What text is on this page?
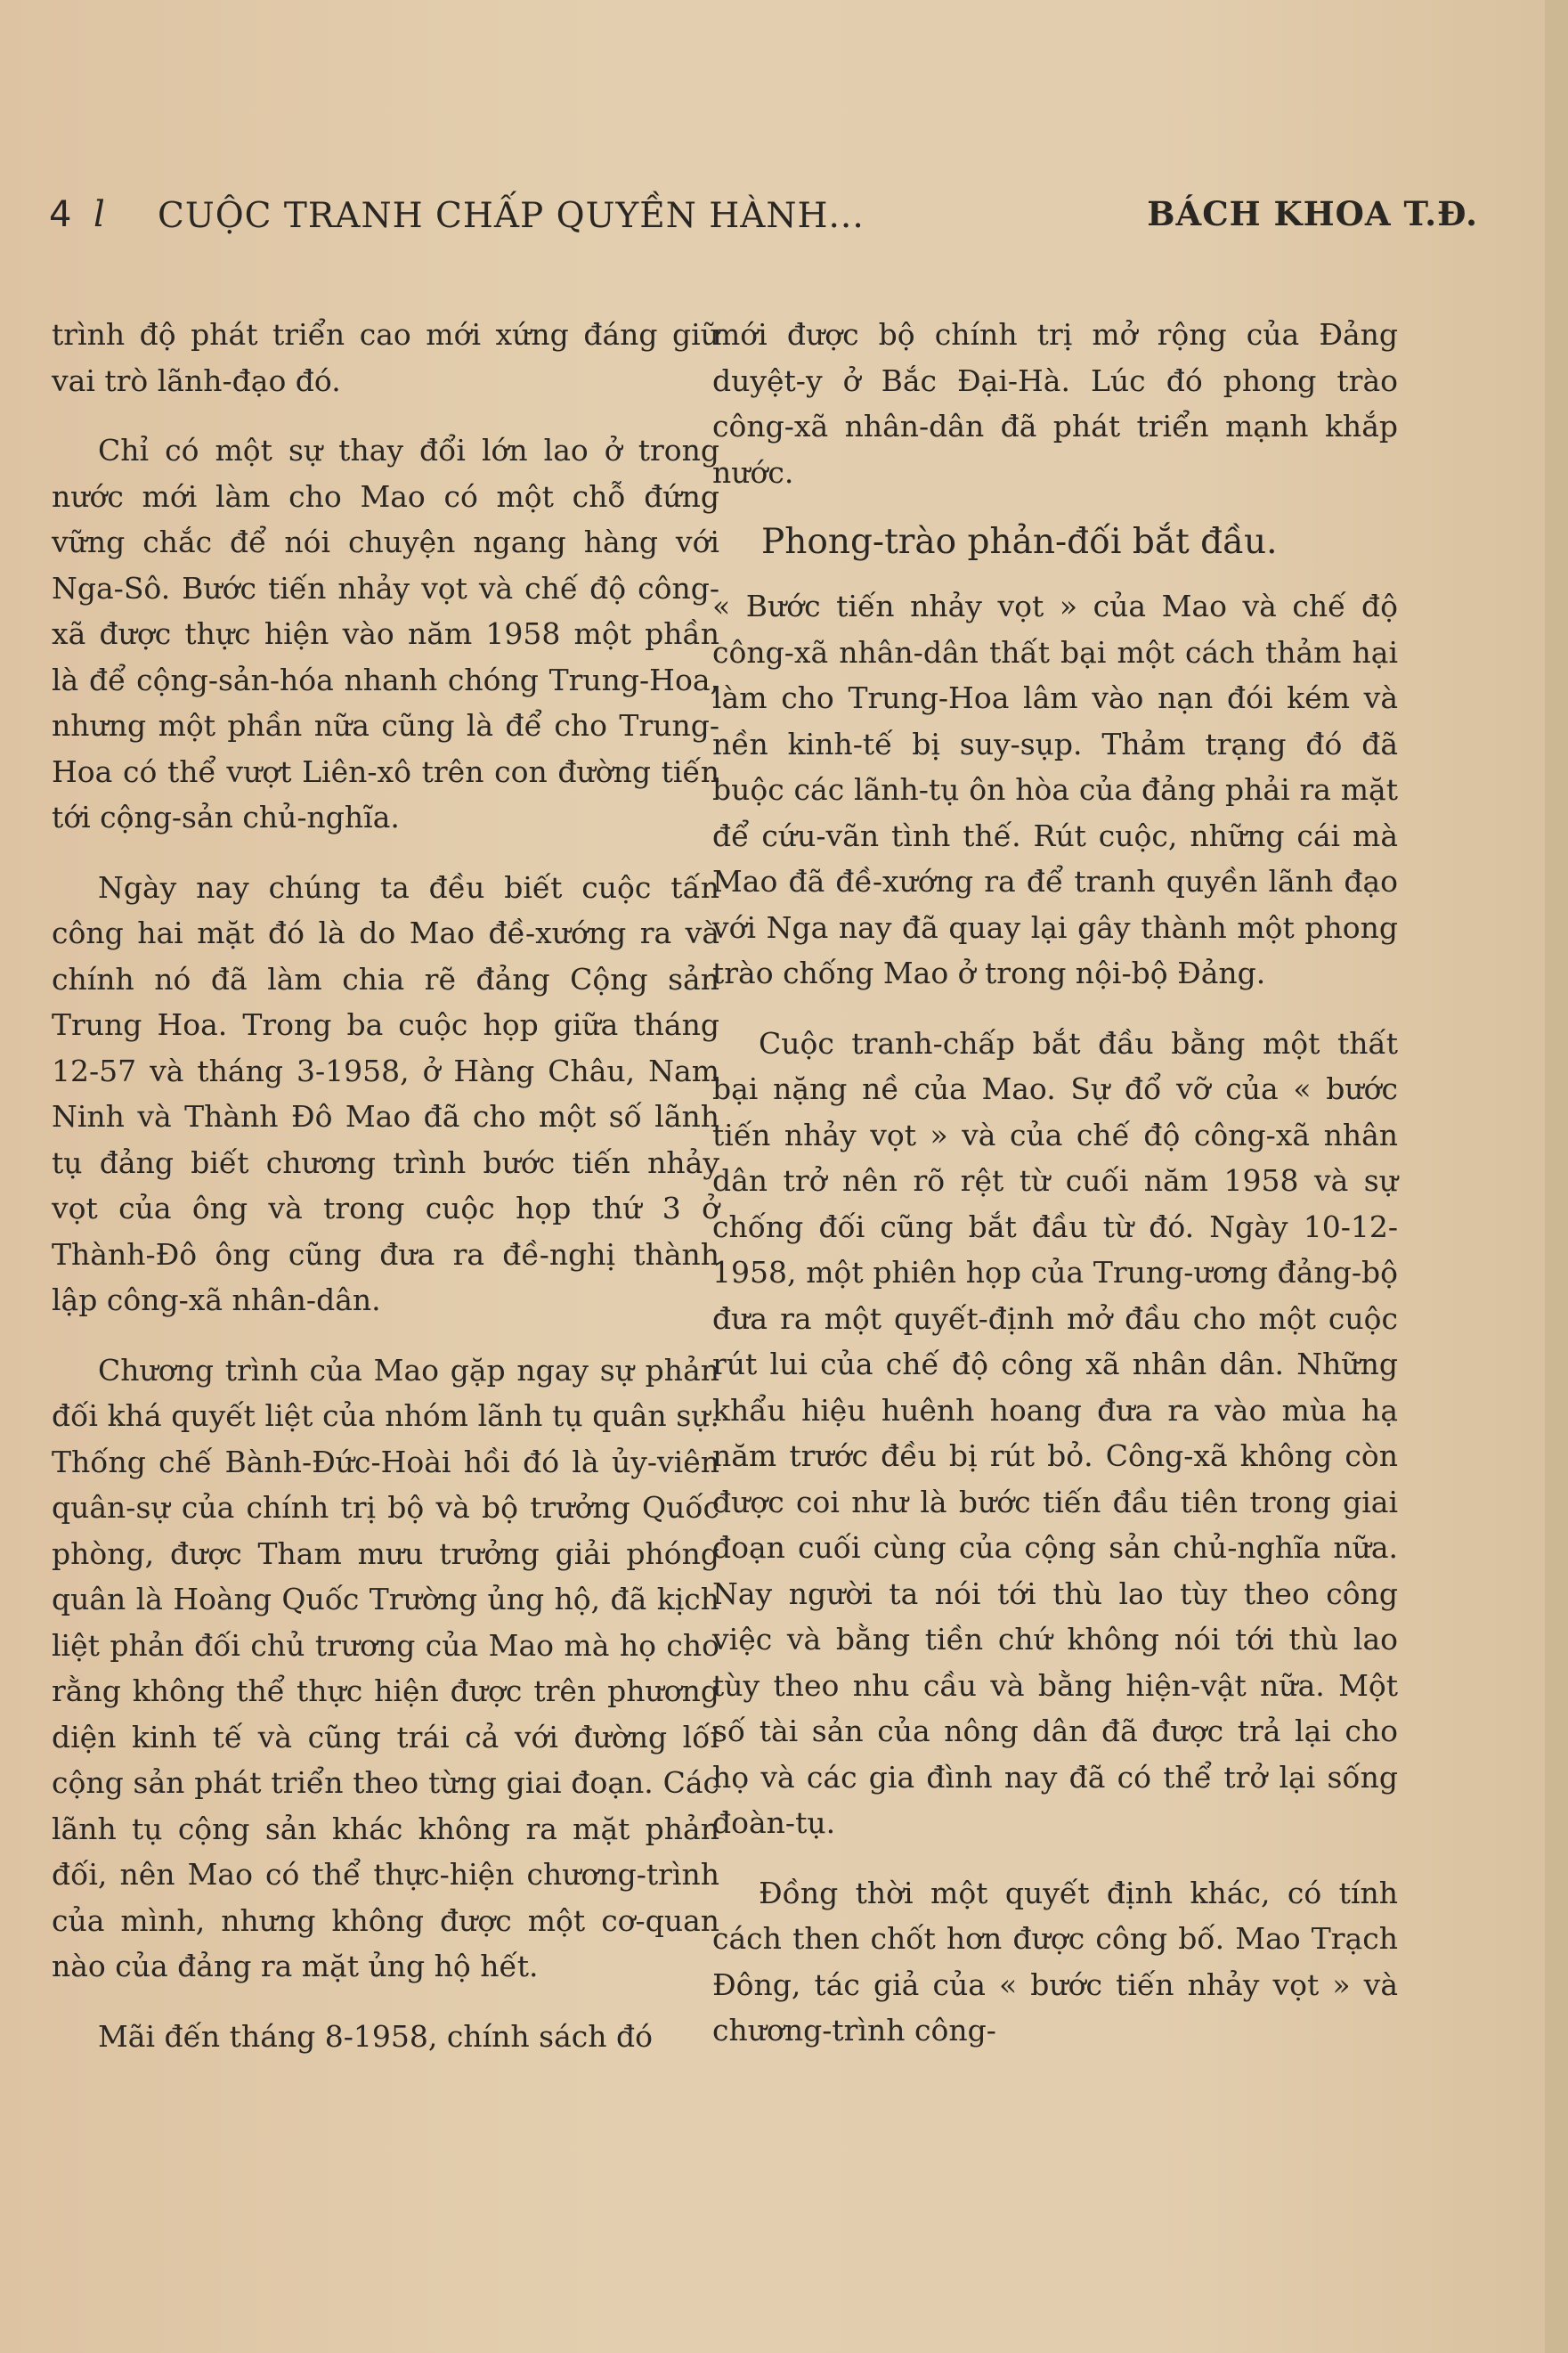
4 l CUỘC TRANH CHẤP QUYỀN HÀNH...	BÁCH KHOA T.Đ.

trình độ phát triển cao mới xứng đáng giữ vai trò lãnh-đạo đó.

Chỉ có một sự thay đổi lớn lao ở trong nước mới làm cho Mao có một chỗ đứng vững chắc để nói chuyện ngang hàng với Nga-Sô. Bước tiến nhảy vọt và chế độ công-xã được thực hiện vào năm 1958 một phần là để cộng-sản-hóa nhanh chóng Trung-Hoa, nhưng một phần nữa cũng là để cho Trung-Hoa có thể vượt Liên-xô trên con đường tiến tới cộng-sản chủ-nghĩa.

Ngày nay chúng ta đều biết cuộc tấn công hai mặt đó là do Mao đề-xướng ra và chính nó đã làm chia rẽ đảng Cộng sản Trung Hoa. Trong ba cuộc họp giữa tháng 12-57 và tháng 3-1958, ở Hàng Châu, Nam Ninh và Thành Đô Mao đã cho một số lãnh tụ đảng biết chương trình bước tiến nhảy vọt của ông và trong cuộc họp thứ 3 ở Thành-Đô ông cũng đưa ra đề-nghị thành lập công-xã nhân-dân.

Chương trình của Mao gặp ngay sự phản đối khá quyết liệt của nhóm lãnh tụ quân sự. Thống chế Bành-Đức-Hoài hồi đó là ủy-viên quân-sự của chính trị bộ và bộ trưởng Quốc phòng, được Tham mưu trưởng giải phóng quân là Hoàng Quốc Trường ủng hộ, đã kịch liệt phản đối chủ trương của Mao mà họ cho rằng không thể thực hiện được trên phương diện kinh tế và cũng trái cả với đường lối cộng sản phát triển theo từng giai đoạn. Các lãnh tụ cộng sản khác không ra mặt phản đối, nên Mao có thể thực-hiện chương-trình của mình, nhưng không được một cơ-quan nào của đảng ra mặt ủng hộ hết.

Mãi đến tháng 8-1958, chính sách đó

mới được bộ chính trị mở rộng của Đảng duyệt-y ở Bắc Đại-Hà. Lúc đó phong trào công-xã nhân-dân đã phát triển mạnh khắp nước.

Phong-trào phản-đối bắt đầu.

« Bước tiến nhảy vọt » của Mao và chế độ công-xã nhân-dân thất bại một cách thảm hại làm cho Trung-Hoa lâm vào nạn đói kém và nền kinh-tế bị suy-sụp. Thảm trạng đó đã buộc các lãnh-tụ ôn hòa của đảng phải ra mặt để cứu-vãn tình thế. Rút cuộc, những cái mà Mao đã đề-xướng ra để tranh quyền lãnh đạo với Nga nay đã quay lại gây thành một phong trào chống Mao ở trong nội-bộ Đảng.

Cuộc tranh-chấp bắt đầu bằng một thất bại nặng nề của Mao. Sự đổ vỡ của « bước tiến nhảy vọt » và của chế độ công-xã nhân dân trở nên rõ rệt từ cuối năm 1958 và sự chống đối cũng bắt đầu từ đó. Ngày 10-12-1958, một phiên họp của Trung-ương đảng-bộ đưa ra một quyết-định mở đầu cho một cuộc rút lui của chế độ công xã nhân dân. Những khẩu hiệu huênh hoang đưa ra vào mùa hạ năm trước đều bị rút bỏ. Công-xã không còn được coi như là bước tiến đầu tiên trong giai đoạn cuối cùng của cộng sản chủ-nghĩa nữa. Nay người ta nói tới thù lao tùy theo công việc và bằng tiền chứ không nói tới thù lao tùy theo nhu cầu và bằng hiện-vật nữa. Một số tài sản của nông dân đã được trả lại cho họ và các gia đình nay đã có thể trở lại sống đoàn-tụ.

Đồng thời một quyết định khác, có tính cách then chốt hơn được công bố. Mao Trạch Đông, tác giả của « bước tiến nhảy vọt » và chương-trình công-
